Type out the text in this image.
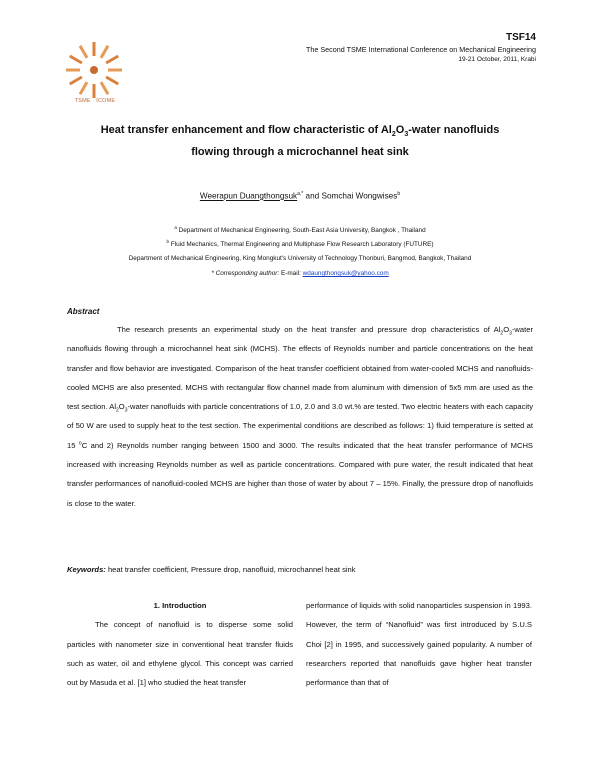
TSME · ICOME
TSF14
The Second TSME International Conference on Mechanical Engineering
19-21 October, 2011, Krabi
Heat transfer enhancement and flow characteristic of $Al_2O_3$-water nanofluids
flowing through a microchannel heat sink
Weerapun Duangthongsuk$^{a,*}$ and Somchai Wongwises$^b$
$^a$ Department of Mechanical Engineering, South-East Asia University, Bangkok , Thailand
$^b$ Fluid Mechanics, Thermal Engineering and Multiphase Flow Research Laboratory (FUTURE)
Department of Mechanical Engineering, King Mongkut's University of Technology Thonburi, Bangmod, Bangkok, Thailand
* Corresponding author: E-mail: wdaungthongsuk@yahoo.com
Abstract
The research presents an experimental study on the heat transfer and pressure drop characteristics of $Al_2O_3$-water nanofluids flowing through a microchannel heat sink (MCHS). The effects of Reynolds number and particle concentrations on the heat transfer and flow behavior are investigated. Comparison of the heat transfer coefficient obtained from water-cooled MCHS and nanofluids-cooled MCHS are also presented. MCHS with rectangular flow channel made from aluminum with dimension of 5x5 mm are used as the test section. $Al_2O_3$-water nanofluids with particle concentrations of 1.0, 2.0 and 3.0 wt.% are tested. Two electric heaters with each capacity of 50 W are used to supply heat to the test section. The experimental conditions are described as follows: 1) fluid temperature is setted at 15 $^o$C and 2) Reynolds number ranging between 1500 and 3000. The results indicated that the heat transfer performance of MCHS increased with increasing Reynolds number as well as particle concentrations. Compared with pure water, the result indicated that heat transfer performances of nanofluid-cooled MCHS are higher than those of water by about 7 – 15%. Finally, the pressure drop of nanofluids is close to the water.
Keywords: heat transfer coefficient, Pressure drop, nanofluid, microchannel heat sink
1. Introduction

The concept of nanofluid is to disperse some solid particles with nanometer size in conventional heat transfer fluids such as water, oil and ethylene glycol. This concept was carried out by Masuda et al. [1] who studied the heat transfer

performance of liquids with solid nanoparticles suspension in 1993. However, the term of “Nanofluid” was first introduced by S.U.S Choi [2] in 1995, and successively gained popularity. A number of researchers reported that nanofluids gave higher heat transfer performance than that of
